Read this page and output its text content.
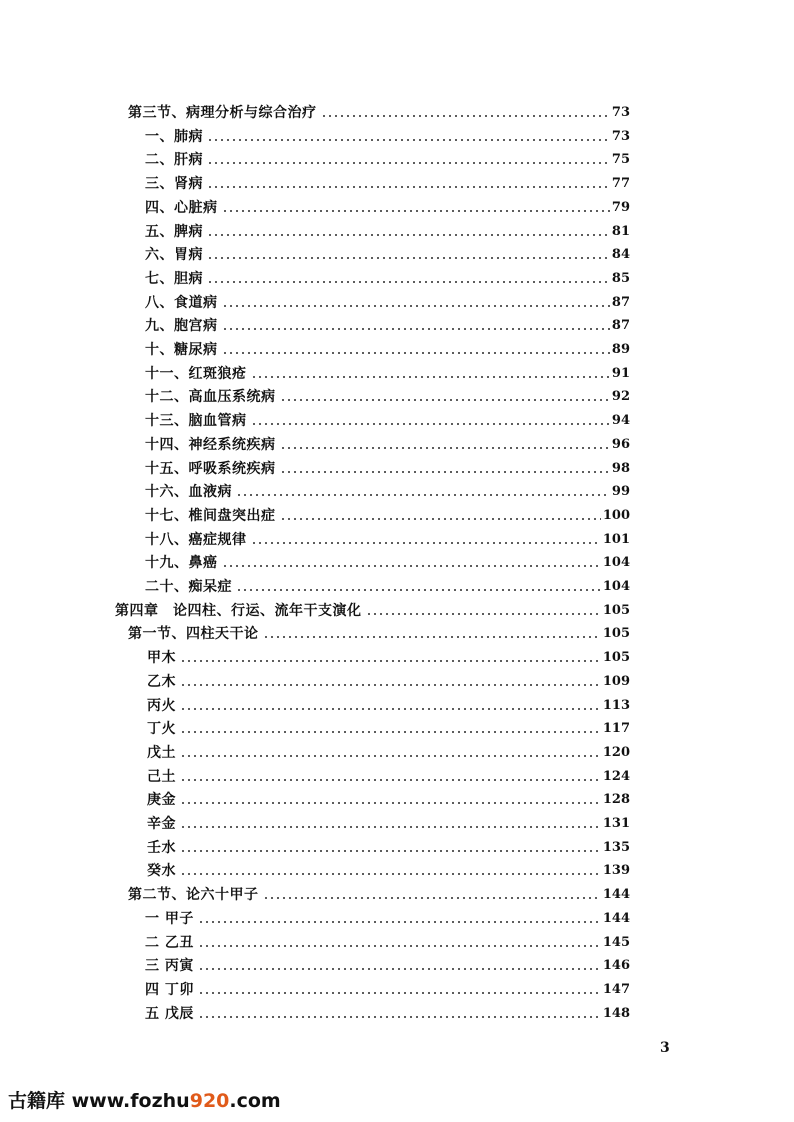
第三节、病理分析与综合治疗	73
一、肺病	73
二、肝病	75
三、肾病	77
四、心脏病	79
五、脾病	81
六、胃病	84
七、胆病	85
八、食道病	87
九、胞宫病	87
十、糖尿病	89
十一、红斑狼疮	91
十二、高血压系统病	92
十三、脑血管病	94
十四、神经系统疾病	96
十五、呼吸系统疾病	98
十六、血液病	99
十七、椎间盘突出症	100
十八、癌症规律	101
十九、鼻癌	104
二十、痴呆症	104
第四章　论四柱、行运、流年干支演化	105
第一节、四柱天干论	105
甲木	105
乙木	109
丙火	113
丁火	117
戊土	120
己土	124
庚金	128
辛金	131
壬水	135
癸水	139
第二节、论六十甲子	144
一 甲子	144
二 乙丑	145
三 丙寅	146
四 丁卯	147
五 戊辰	148
3
古籍库 www.fozhu920.com
